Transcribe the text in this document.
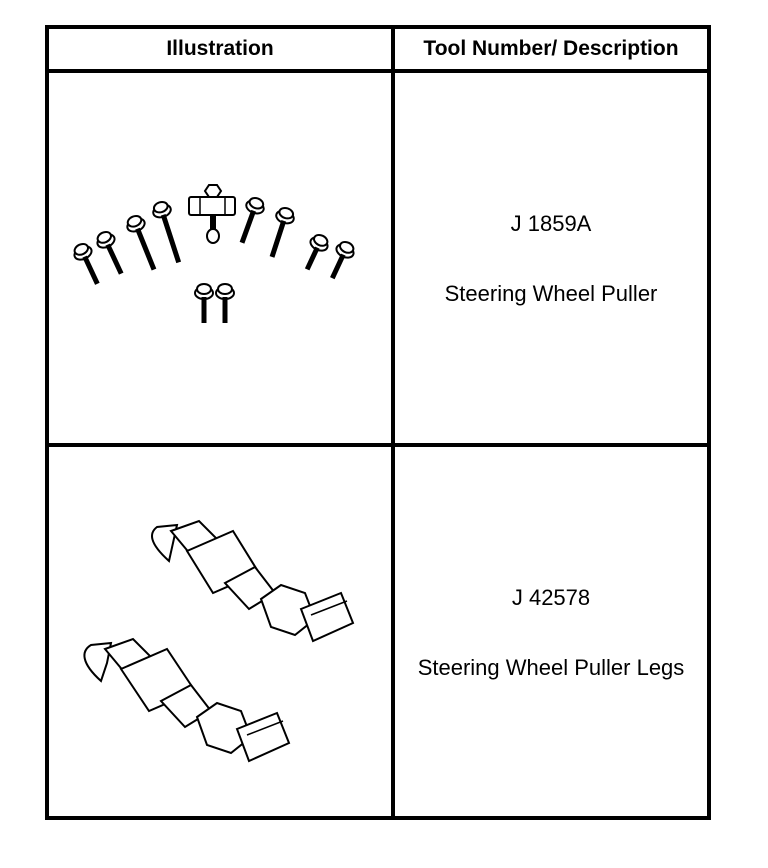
Illustration	Tool Number/ Description
J 1859A
Steering Wheel Puller
J 42578
Steering Wheel Puller Legs
